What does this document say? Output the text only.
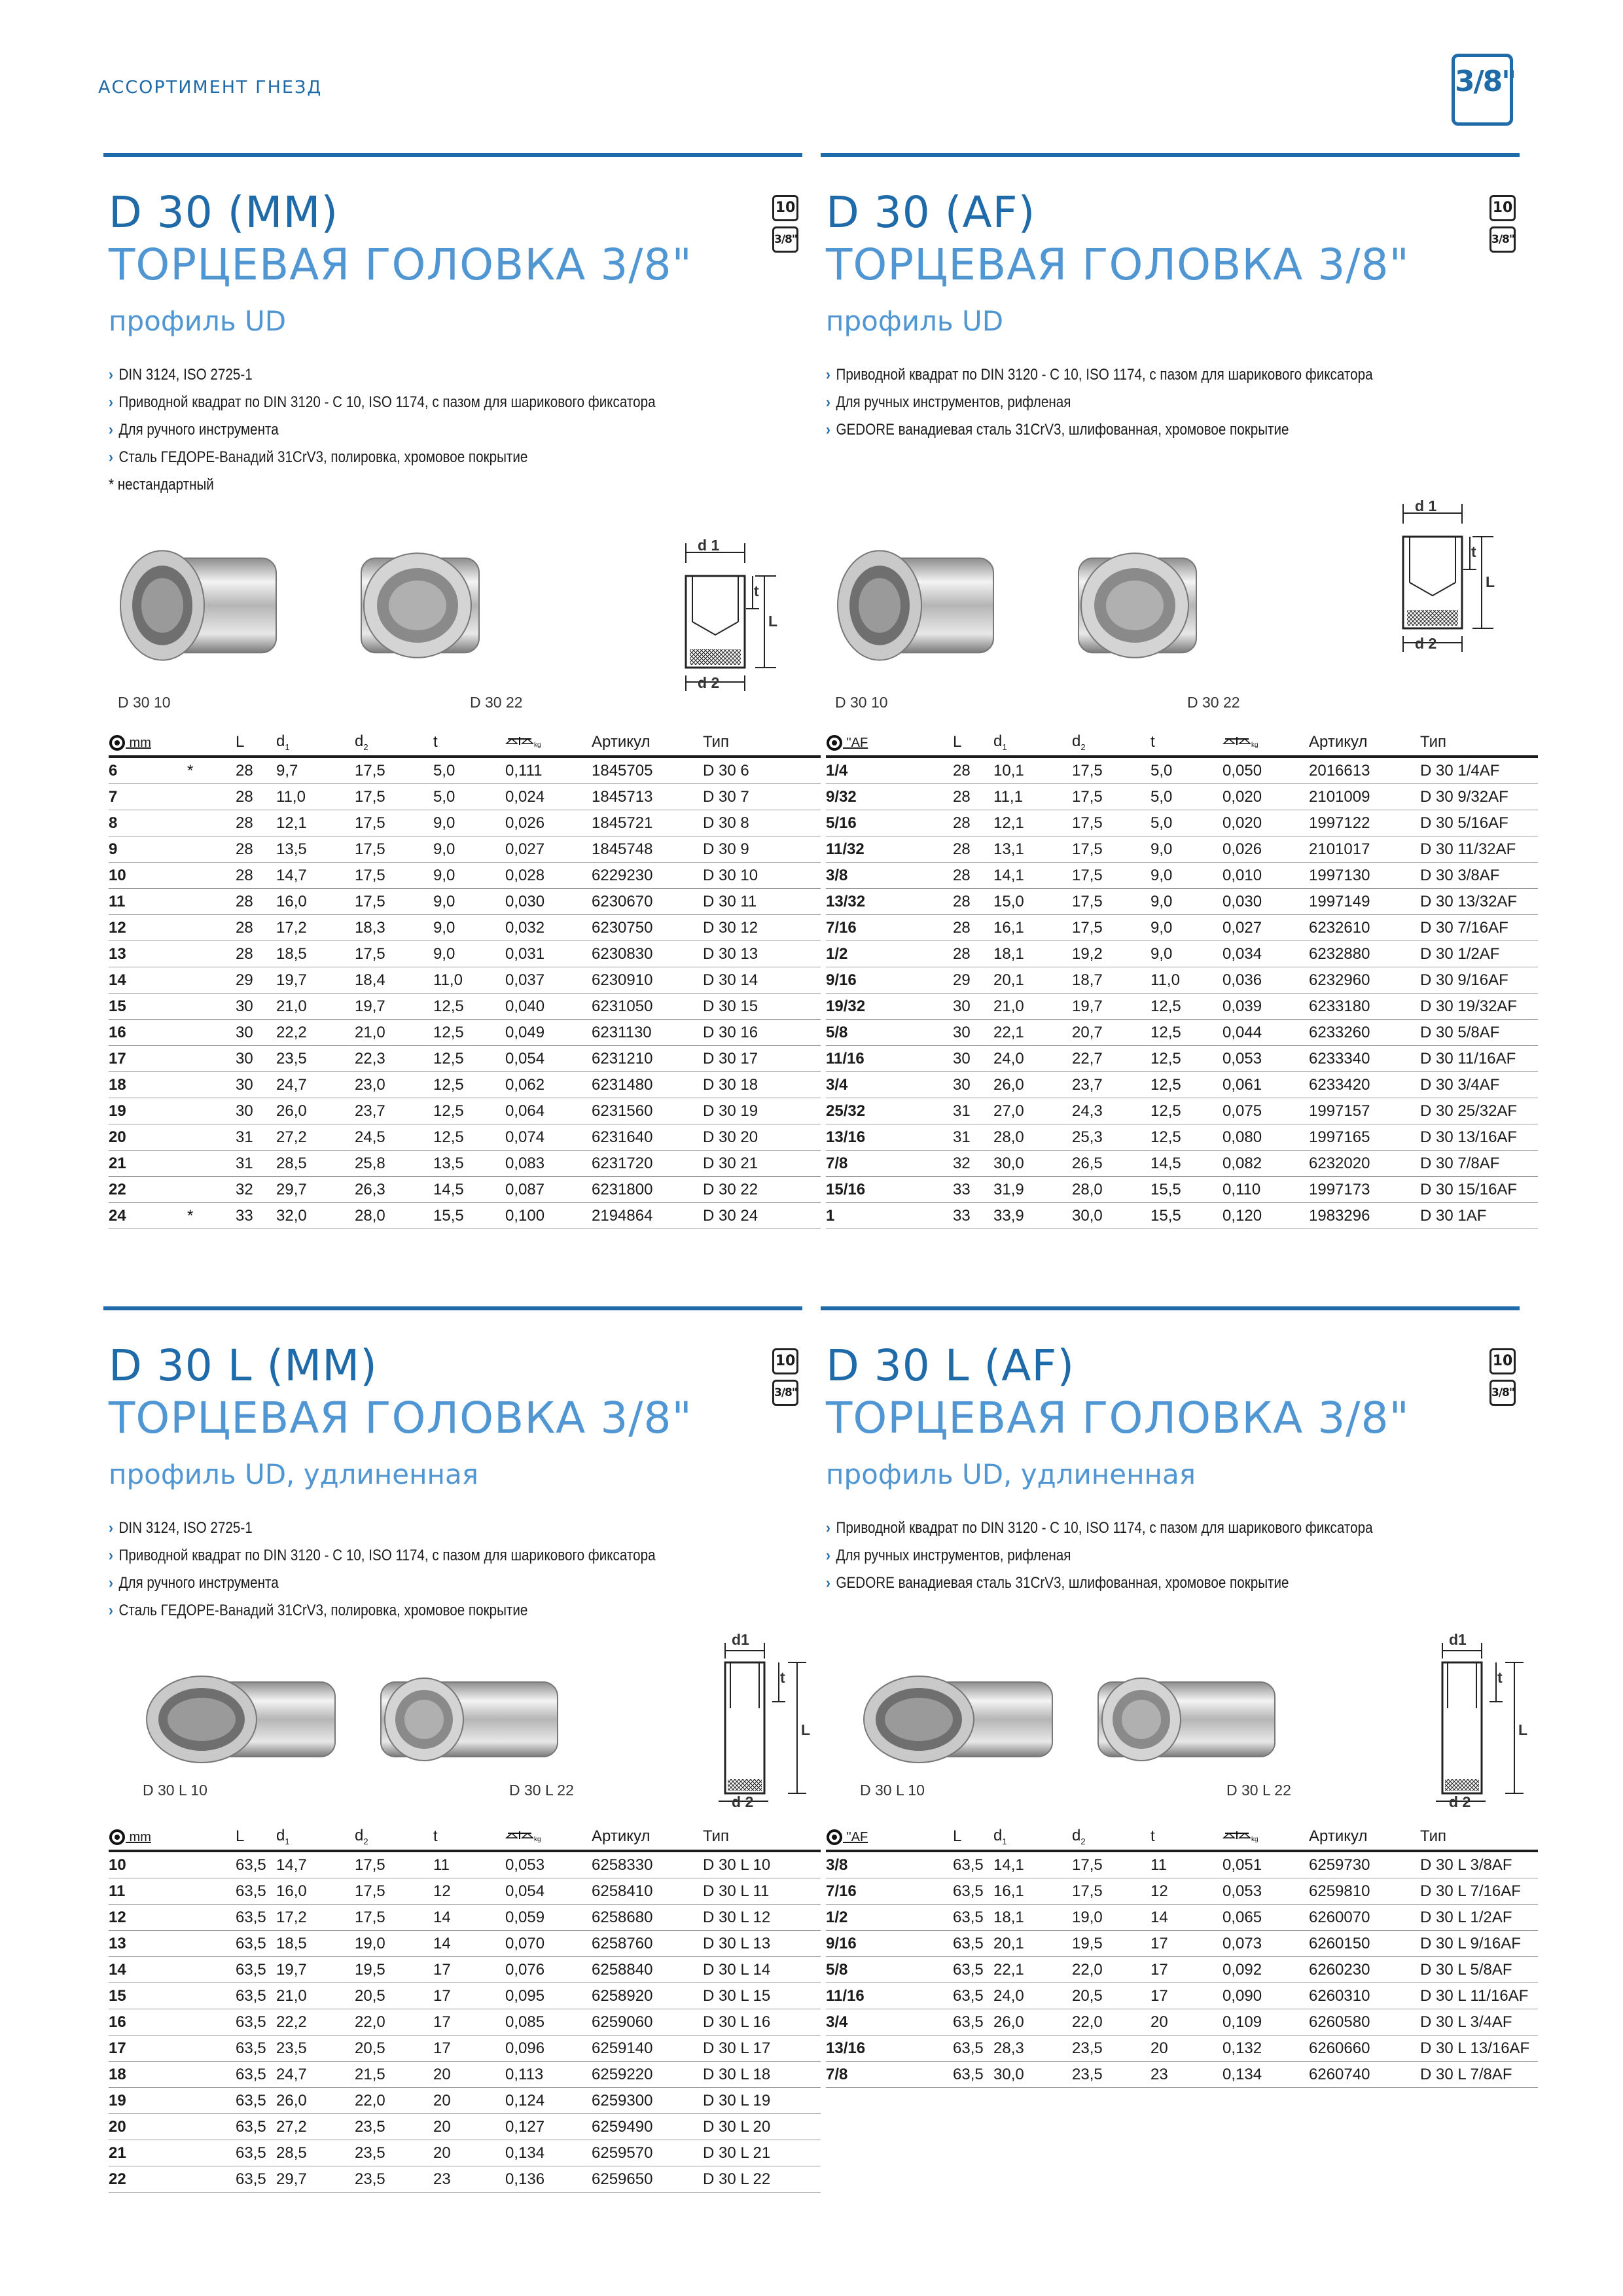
АССОРТИМЕНТ ГНЕЗД	3/8"
D 30 (MM)
ТОРЦЕВАЯ ГОЛОВКА 3/8"
профиль UD
10
3/8"
› DIN 3124, ISO 2725-1
› Приводной квадрат по DIN 3120 - C 10, ISO 1174, с пазом для шарикового фиксатора
› Для ручного инструмента
› Сталь ГЕДОРЕ-Ванадий 31CrV3, полировка, хромовое покрытие
* нестандартный
D 30 10	D 30 22
d 1
t
L
d 2
mm		L	$d_1$	$d_2$	t	kg	Артикул	Тип
6	*	28	9,7	17,5	5,0	0,111	1845705	D 30 6
7		28	11,0	17,5	5,0	0,024	1845713	D 30 7
8		28	12,1	17,5	9,0	0,026	1845721	D 30 8
9		28	13,5	17,5	9,0	0,027	1845748	D 30 9
10		28	14,7	17,5	9,0	0,028	6229230	D 30 10
11		28	16,0	17,5	9,0	0,030	6230670	D 30 11
12		28	17,2	18,3	9,0	0,032	6230750	D 30 12
13		28	18,5	17,5	9,0	0,031	6230830	D 30 13
14		29	19,7	18,4	11,0	0,037	6230910	D 30 14
15		30	21,0	19,7	12,5	0,040	6231050	D 30 15
16		30	22,2	21,0	12,5	0,049	6231130	D 30 16
17		30	23,5	22,3	12,5	0,054	6231210	D 30 17
18		30	24,7	23,0	12,5	0,062	6231480	D 30 18
19		30	26,0	23,7	12,5	0,064	6231560	D 30 19
20		31	27,2	24,5	12,5	0,074	6231640	D 30 20
21		31	28,5	25,8	13,5	0,083	6231720	D 30 21
22		32	29,7	26,3	14,5	0,087	6231800	D 30 22
24	*	33	32,0	28,0	15,5	0,100	2194864	D 30 24
D 30 (AF)
ТОРЦЕВАЯ ГОЛОВКА 3/8"
профиль UD
10
3/8"
› Приводной квадрат по DIN 3120 - C 10, ISO 1174, с пазом для шарикового фиксатора
› Для ручных инструментов, рифленая
› GEDORE ванадиевая сталь 31CrV3, шлифованная, хромовое покрытие
D 30 10	D 30 22
d 1
t
L
d 2
"AF		L	$d_1$	$d_2$	t	kg	Артикул	Тип
1/4		28	10,1	17,5	5,0	0,050	2016613	D 30 1/4AF
9/32		28	11,1	17,5	5,0	0,020	2101009	D 30 9/32AF
5/16		28	12,1	17,5	5,0	0,020	1997122	D 30 5/16AF
11/32		28	13,1	17,5	9,0	0,026	2101017	D 30 11/32AF
3/8		28	14,1	17,5	9,0	0,010	1997130	D 30 3/8AF
13/32		28	15,0	17,5	9,0	0,030	1997149	D 30 13/32AF
7/16		28	16,1	17,5	9,0	0,027	6232610	D 30 7/16AF
1/2		28	18,1	19,2	9,0	0,034	6232880	D 30 1/2AF
9/16		29	20,1	18,7	11,0	0,036	6232960	D 30 9/16AF
19/32		30	21,0	19,7	12,5	0,039	6233180	D 30 19/32AF
5/8		30	22,1	20,7	12,5	0,044	6233260	D 30 5/8AF
11/16		30	24,0	22,7	12,5	0,053	6233340	D 30 11/16AF
3/4		30	26,0	23,7	12,5	0,061	6233420	D 30 3/4AF
25/32		31	27,0	24,3	12,5	0,075	1997157	D 30 25/32AF
13/16		31	28,0	25,3	12,5	0,080	1997165	D 30 13/16AF
7/8		32	30,0	26,5	14,5	0,082	6232020	D 30 7/8AF
15/16		33	31,9	28,0	15,5	0,110	1997173	D 30 15/16AF
1		33	33,9	30,0	15,5	0,120	1983296	D 30 1AF
D 30 L (MM)
ТОРЦЕВАЯ ГОЛОВКА 3/8"
профиль UD, удлиненная
10
3/8"
› DIN 3124, ISO 2725-1
› Приводной квадрат по DIN 3120 - C 10, ISO 1174, с пазом для шарикового фиксатора
› Для ручного инструмента
› Сталь ГЕДОРЕ-Ванадий 31CrV3, полировка, хромовое покрытие
D 30 L 10	D 30 L 22
d1
t
L
d 2
mm		L	$d_1$	$d_2$	t	kg	Артикул	Тип
10		63,5	14,7	17,5	11	0,053	6258330	D 30 L 10
11		63,5	16,0	17,5	12	0,054	6258410	D 30 L 11
12		63,5	17,2	17,5	14	0,059	6258680	D 30 L 12
13		63,5	18,5	19,0	14	0,070	6258760	D 30 L 13
14		63,5	19,7	19,5	17	0,076	6258840	D 30 L 14
15		63,5	21,0	20,5	17	0,095	6258920	D 30 L 15
16		63,5	22,2	22,0	17	0,085	6259060	D 30 L 16
17		63,5	23,5	20,5	17	0,096	6259140	D 30 L 17
18		63,5	24,7	21,5	20	0,113	6259220	D 30 L 18
19		63,5	26,0	22,0	20	0,124	6259300	D 30 L 19
20		63,5	27,2	23,5	20	0,127	6259490	D 30 L 20
21		63,5	28,5	23,5	20	0,134	6259570	D 30 L 21
22		63,5	29,7	23,5	23	0,136	6259650	D 30 L 22
D 30 L (AF)
ТОРЦЕВАЯ ГОЛОВКА 3/8"
профиль UD, удлиненная
10
3/8"
› Приводной квадрат по DIN 3120 - C 10, ISO 1174, с пазом для шарикового фиксатора
› Для ручных инструментов, рифленая
› GEDORE ванадиевая сталь 31CrV3, шлифованная, хромовое покрытие
D 30 L 10	D 30 L 22
d1
t
L
d 2
"AF		L	$d_1$	$d_2$	t	kg	Артикул	Тип
3/8		63,5	14,1	17,5	11	0,051	6259730	D 30 L 3/8AF
7/16		63,5	16,1	17,5	12	0,053	6259810	D 30 L 7/16AF
1/2		63,5	18,1	19,0	14	0,065	6260070	D 30 L 1/2AF
9/16		63,5	20,1	19,5	17	0,073	6260150	D 30 L 9/16AF
5/8		63,5	22,1	22,0	17	0,092	6260230	D 30 L 5/8AF
11/16		63,5	24,0	20,5	17	0,090	6260310	D 30 L 11/16AF
3/4		63,5	26,0	22,0	20	0,109	6260580	D 30 L 3/4AF
13/16		63,5	28,3	23,5	20	0,132	6260660	D 30 L 13/16AF
7/8		63,5	30,0	23,5	23	0,134	6260740	D 30 L 7/8AF
